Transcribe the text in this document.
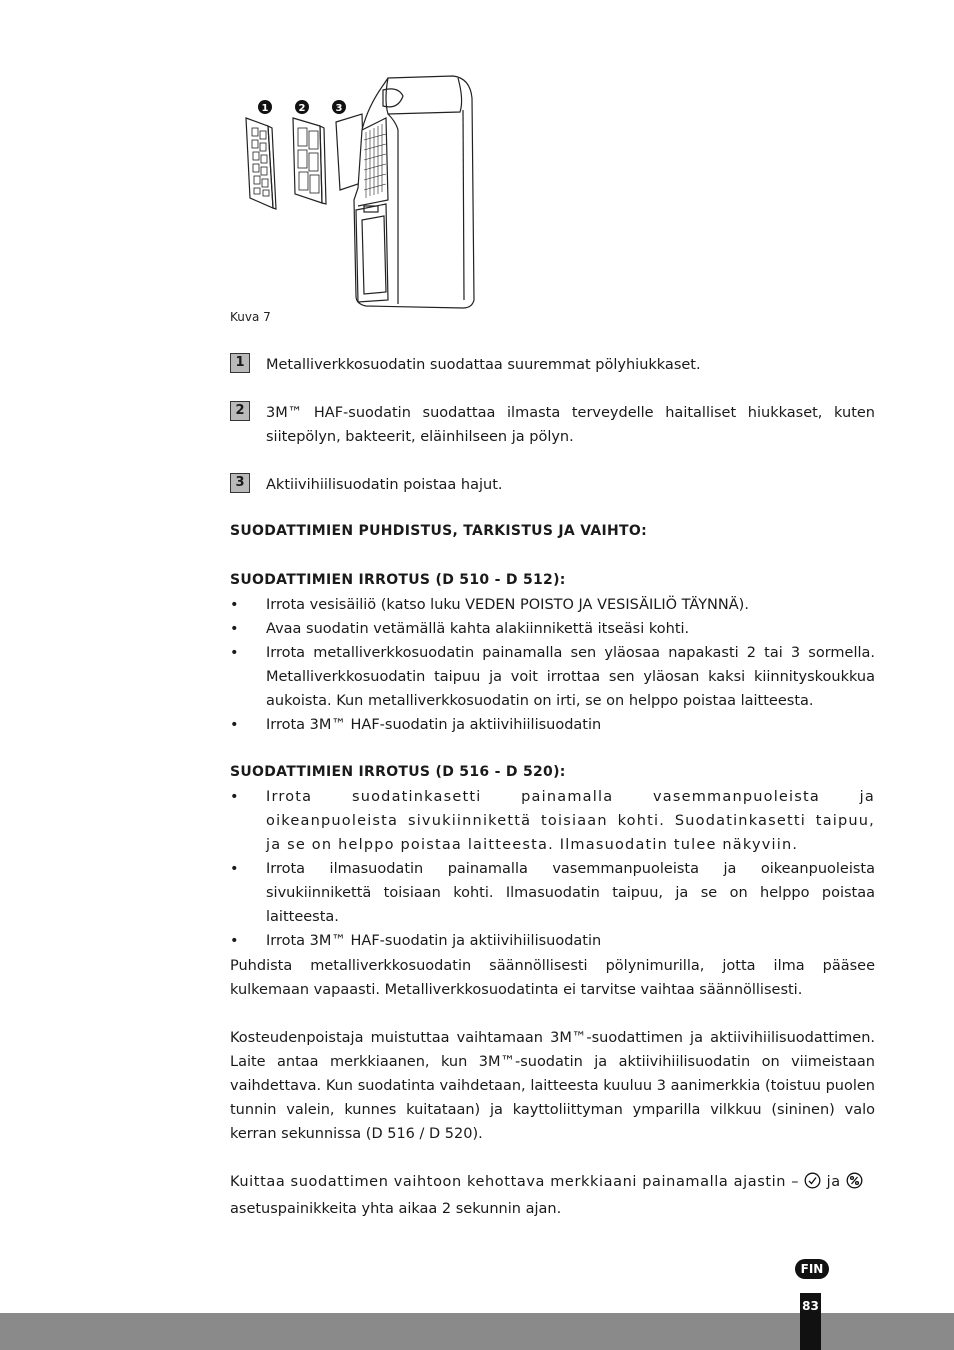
1	2	3
Kuva 7
1	Metalliverkkosuodatin suodattaa suuremmat pölyhiukkaset.
2	3M™ HAF-suodatin suodattaa ilmasta terveydelle haitalliset hiukkaset, kuten siitepölyn, bakteerit, eläinhilseen ja pölyn.
3	Aktiivihiilisuodatin poistaa hajut.
SUODATTIMIEN PUHDISTUS, TARKISTUS JA VAIHTO:
SUODATTIMIEN IRROTUS (D 510 - D 512):
• Irrota vesisäiliö (katso luku VEDEN POISTO JA VESISÄILIÖ TÄYNNÄ).
• Avaa suodatin vetämällä kahta alakiinnikettä itseäsi kohti.
• Irrota metalliverkkosuodatin painamalla sen yläosaa napakasti 2 tai 3 sormella. Metalliverkkosuodatin taipuu ja voit irrottaa sen yläosan kaksi kiinnityskoukkua aukoista. Kun metalliverkkosuodatin on irti, se on helppo poistaa laitteesta.
• Irrota 3M™ HAF-suodatin ja aktiivihiilisuodatin
SUODATTIMIEN IRROTUS (D 516 - D 520):
• Irrota suodatinkasetti painamalla vasemmanpuoleista ja oikeanpuoleista sivukiinnikettä toisiaan kohti. Suodatinkasetti taipuu, ja se on helppo poistaa laitteesta. Ilmasuodatin tulee näkyviin.
• Irrota ilmasuodatin painamalla vasemmanpuoleista ja oikeanpuoleista sivukiinnikettä toisiaan kohti. Ilmasuodatin taipuu, ja se on helppo poistaa laitteesta.
• Irrota 3M™ HAF-suodatin ja aktiivihiilisuodatin
Puhdista metalliverkkosuodatin säännöllisesti pölynimurilla, jotta ilma pääsee kulkemaan vapaasti. Metalliverkkosuodatinta ei tarvitse vaihtaa säännöllisesti.
Kosteudenpoistaja muistuttaa vaihtamaan 3M™-suodattimen ja aktiivihiilisuodattimen. Laite antaa merkkiaanen, kun 3M™-suodatin ja aktiivihiilisuodatin on viimeistaan vaihdettava. Kun suodatinta vaihdetaan, laitteesta kuuluu 3 aanimerkkia (toistuu puolen tunnin valein, kunnes kuitataan) ja kayttoliittyman ymparilla vilkkuu (sininen) valo kerran sekunnissa (D 516 / D 520).
Kuittaa suodattimen vaihtoon kehottava merkkiaani painamalla ajastin – ja
asetuspainikkeita yhta aikaa 2 sekunnin ajan.
FIN
83
